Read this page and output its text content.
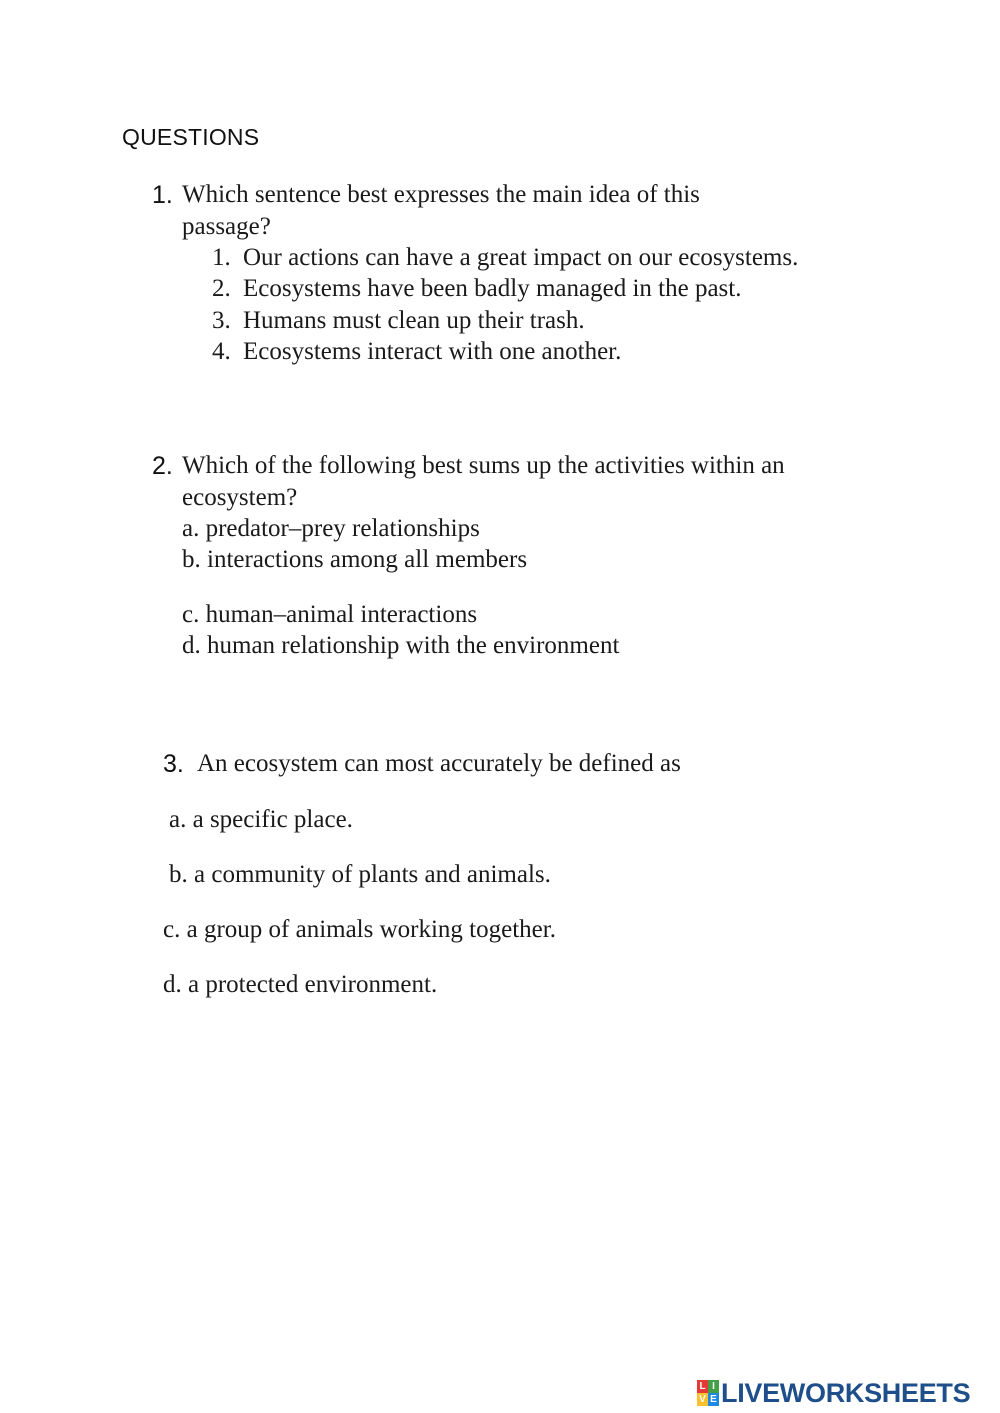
QUESTIONS
1. Which sentence best expresses the main idea of this
passage?
1. Our actions can have a great impact on our ecosystems.
2. Ecosystems have been badly managed in the past.
3. Humans must clean up their trash.
4. Ecosystems interact with one another.
2. Which of the following best sums up the activities within an
ecosystem?
a. predator–prey relationships
b. interactions among all members
c. human–animal interactions
d. human relationship with the environment
3. An ecosystem can most accurately be defined as
a. a specific place.
b. a community of plants and animals.
c. a group of animals working together.
d. a protected environment.
L I
V E LIVEWORKSHEETS
